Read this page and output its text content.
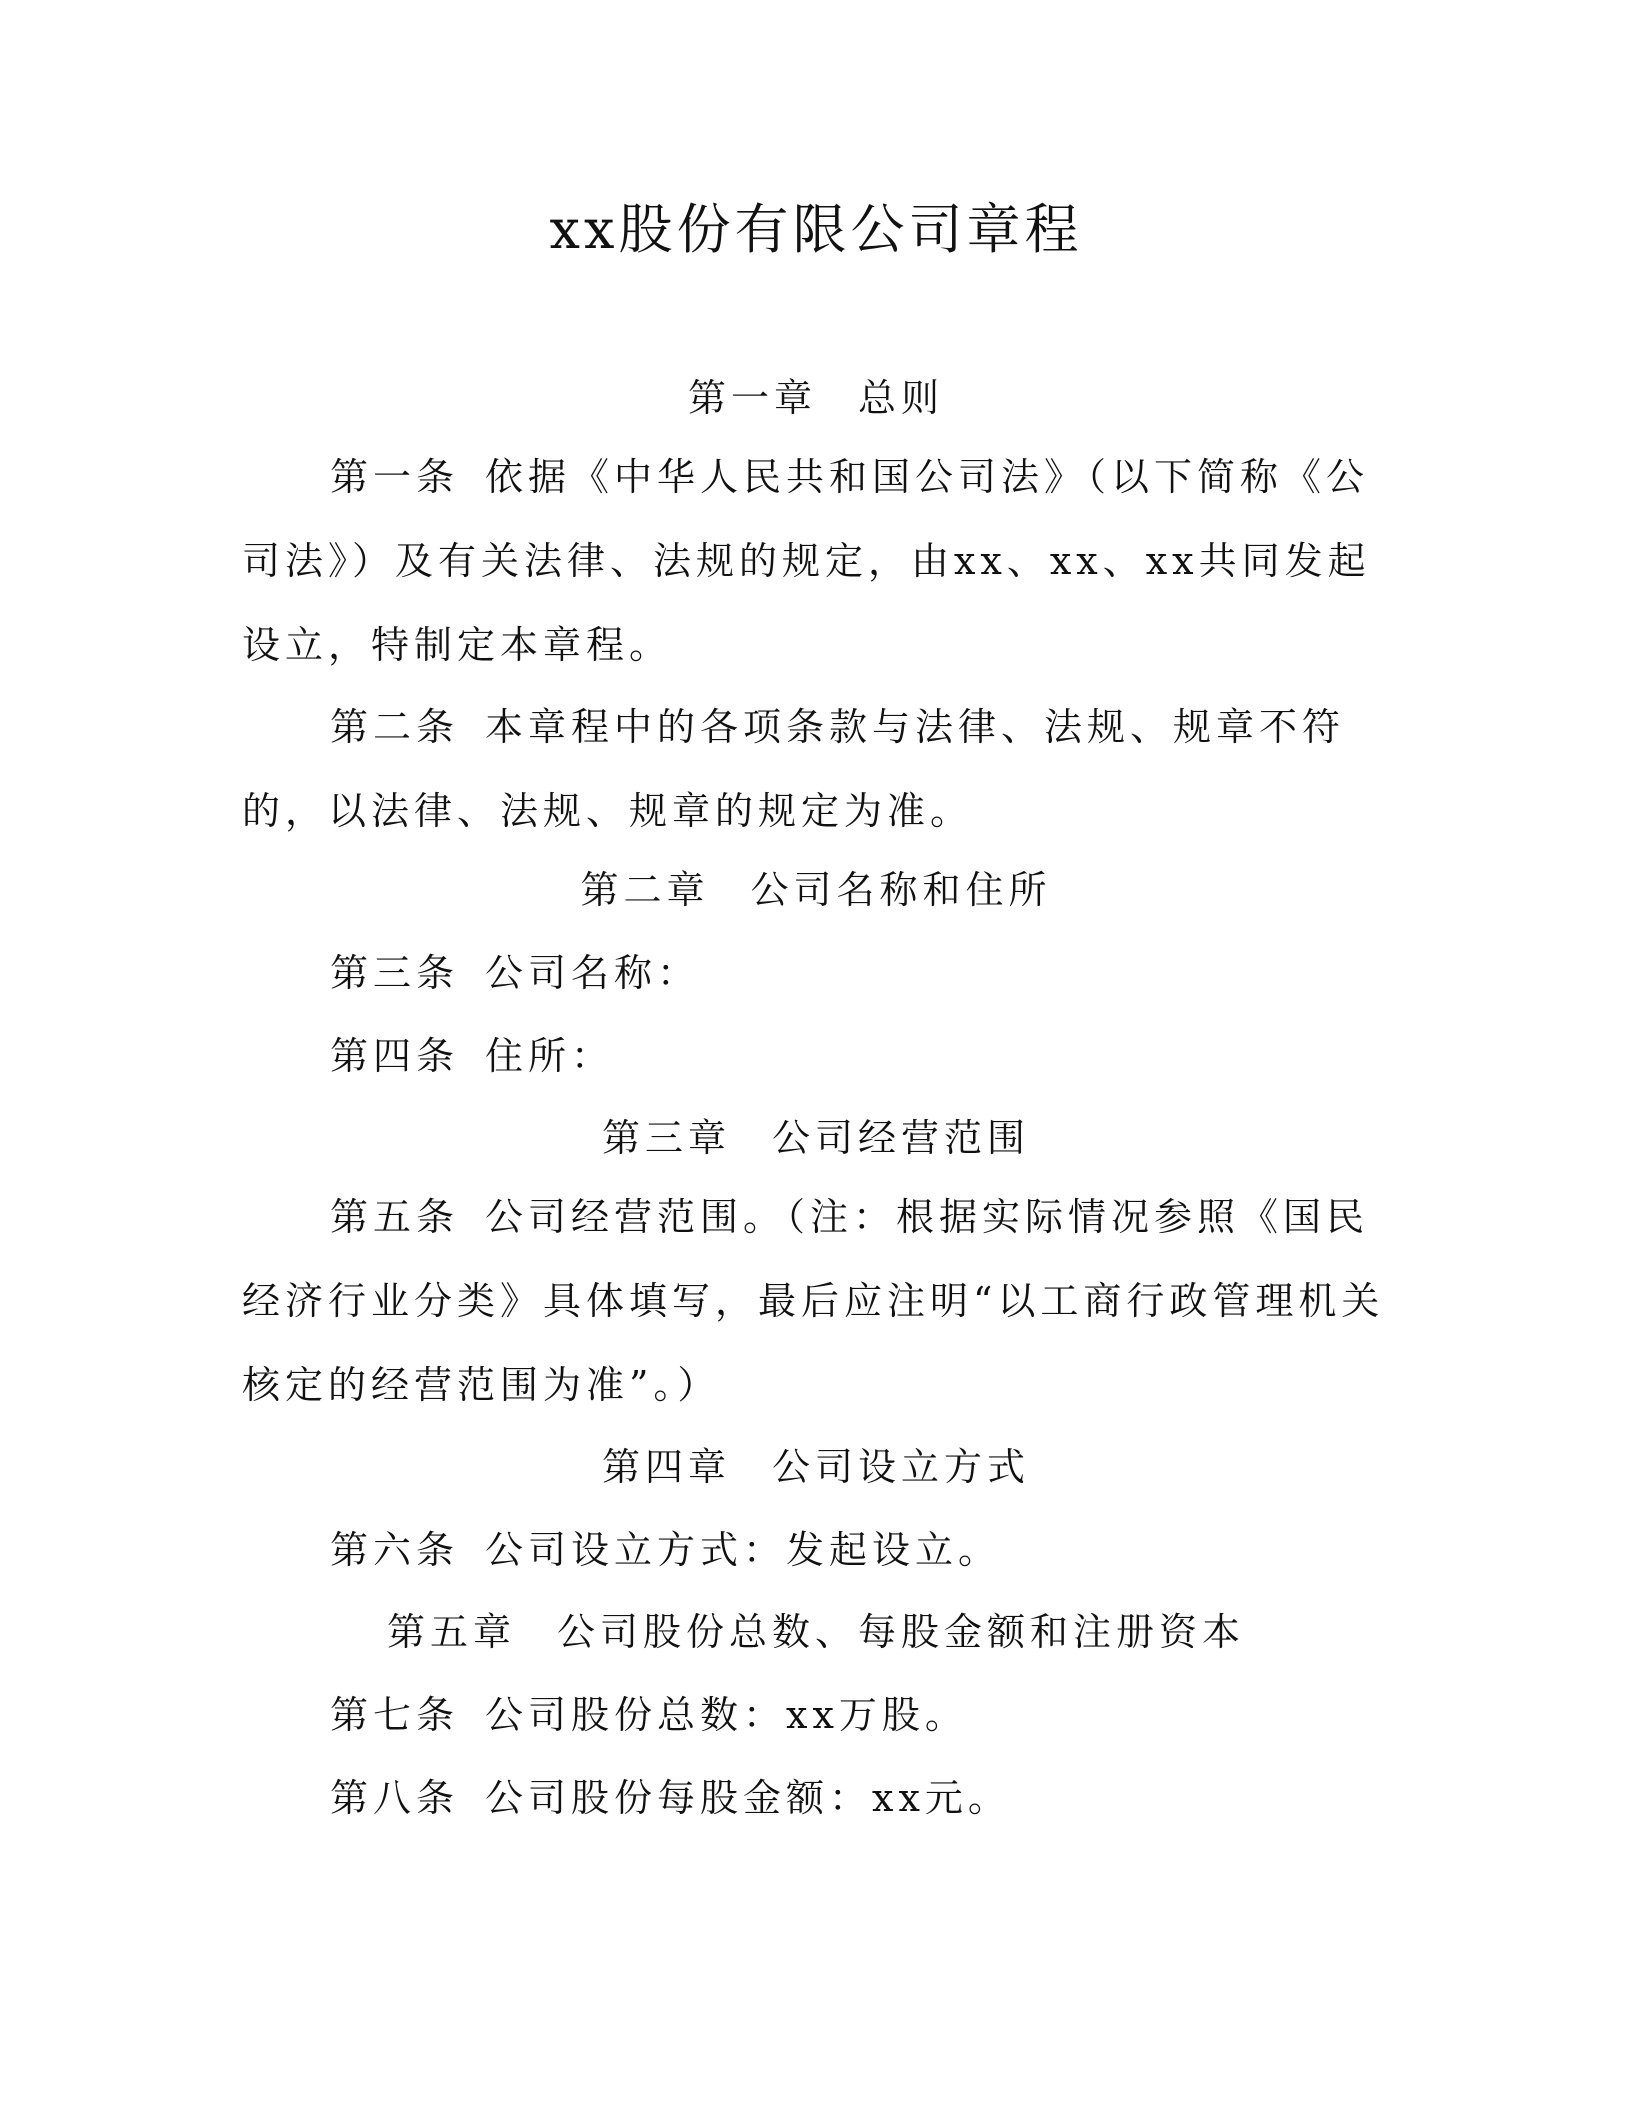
xx股份有限公司章程
第一章 总则

第一条 依据《中华人民共和国公司法》（以下简称《公司法》）及有关法律、法规的规定，由xx、xx、xx共同发起设立，特制定本章程。

第二条 本章程中的各项条款与法律、法规、规章不符的，以法律、法规、规章的规定为准。

第二章 公司名称和住所
第三条 公司名称：
第四条 住所：
第三章 公司经营范围

第五条 公司经营范围。（注：根据实际情况参照《国民经济行业分类》具体填写，最后应注明“以工商行政管理机关核定的经营范围为准”。）

第四章 公司设立方式
第六条 公司设立方式：发起设立。
第五章 公司股份总数、每股金额和注册资本
第七条 公司股份总数：xx万股。
第八条 公司股份每股金额：xx元。
